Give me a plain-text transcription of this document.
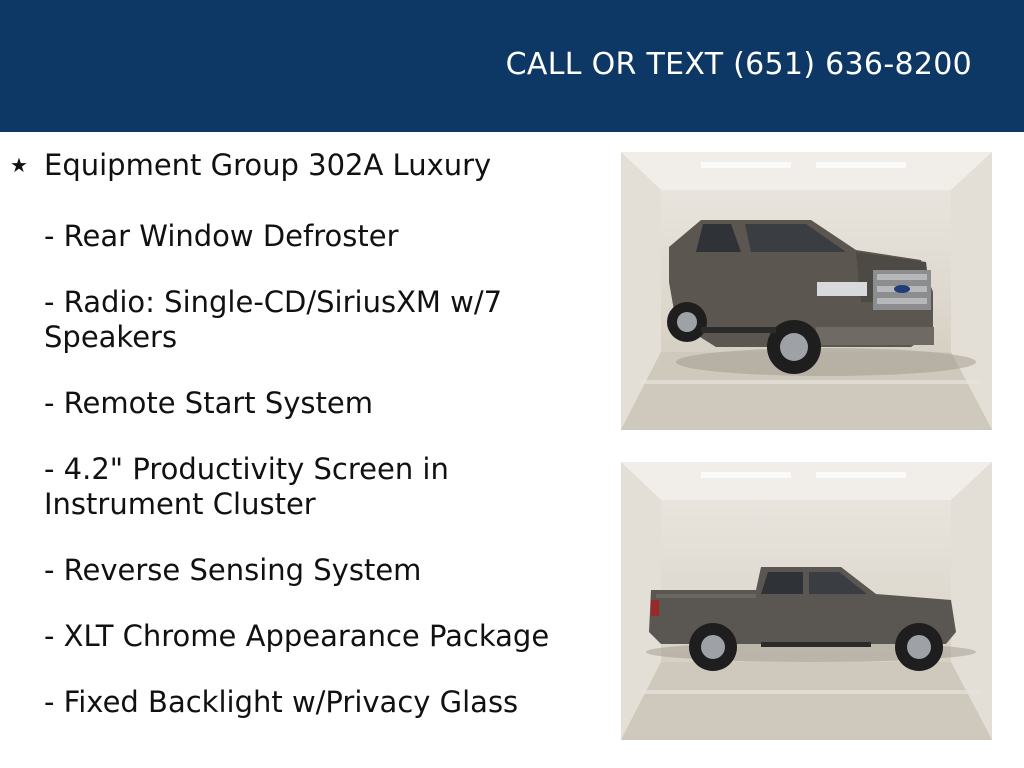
CALL OR TEXT (651) 636-8200
★ Equipment Group 302A Luxury
- Rear Window Defroster
- Radio: Single-CD/SiriusXM w/7 Speakers
- Remote Start System
- 4.2" Productivity Screen in Instrument Cluster
- Reverse Sensing System
- XLT Chrome Appearance Package
- Fixed Backlight w/Privacy Glass
